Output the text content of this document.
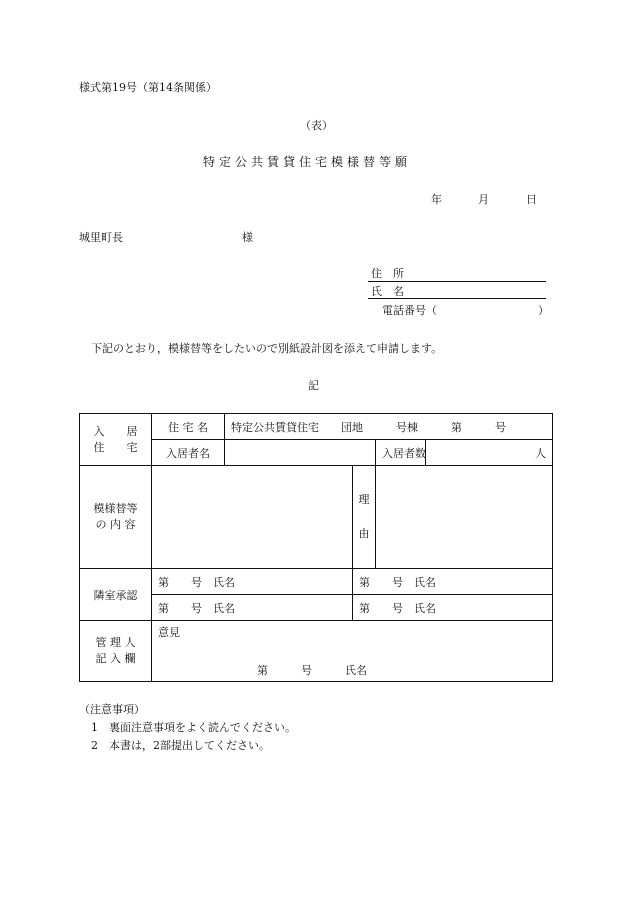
様式第19号（第14条関係）
（表）
特定公共賃貸住宅模様替等願
年	月	日
城里町長	様
住　所
氏　名
電話番号（	）
下記のとおり，模様替等をしたいので別紙設計図を添えて申請します。
記
入　　居
住　　宅	住 宅 名	特定公共賃貸住宅　　団地　　　号棟　　　第　　　号			
	入居者名			入居者数	人

模様替等
の 内 容			理
由		

隣室承認	第　　号　氏名		第　　号　氏名		
	第　　号　氏名		第　　号　氏名		

管 理 人
記 入 欄	意見
第　　　号　　　氏名				
（注意事項）
1　裏面注意事項をよく読んでください。
2　本書は，2部提出してください。
